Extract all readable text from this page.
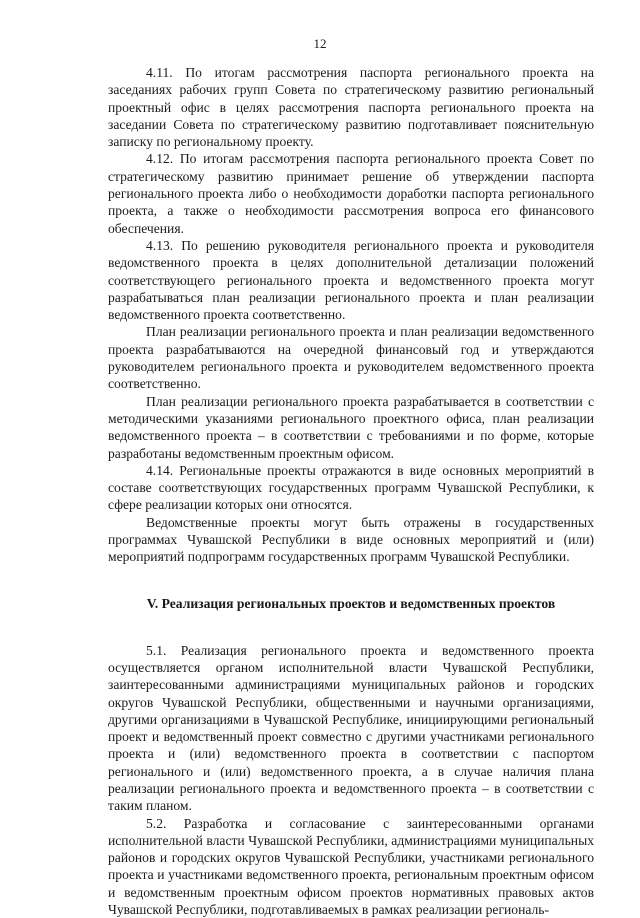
12

4.11. По итогам рассмотрения паспорта регионального проекта на заседаниях рабочих групп Совета по стратегическому развитию региональный проектный офис в целях рассмотрения паспорта регионального проекта на заседании Совета по стратегическому развитию подготавливает пояснительную записку по региональному проекту.

4.12. По итогам рассмотрения паспорта регионального проекта Совет по стратегическому развитию принимает решение об утверждении паспорта регионального проекта либо о необходимости доработки паспорта регионального проекта, а также о необходимости рассмотрения вопроса его финансового обеспечения.

4.13. По решению руководителя регионального проекта и руководителя ведомственного проекта в целях дополнительной детализации положений соответствующего регионального проекта и ведомственного проекта могут разрабатываться план реализации регионального проекта и план реализации ведомственного проекта соответственно.

План реализации регионального проекта и план реализации ведомственного проекта разрабатываются на очередной финансовый год и утверждаются руководителем регионального проекта и руководителем ведомственного проекта соответственно.

План реализации регионального проекта разрабатывается в соответствии с методическими указаниями регионального проектного офиса, план реализации ведомственного проекта – в соответствии с требованиями и по форме, которые разработаны ведомственным проектным офисом.

4.14. Региональные проекты отражаются в виде основных мероприятий в составе соответствующих государственных программ Чувашской Республики, к сфере реализации которых они относятся.

Ведомственные проекты могут быть отражены в государственных программах Чувашской Республики в виде основных мероприятий и (или) мероприятий подпрограмм государственных программ Чувашской Республики.

V. Реализация региональных проектов и ведомственных проектов

5.1. Реализация регионального проекта и ведомственного проекта осуществляется органом исполнительной власти Чувашской Республики, заинтересованными администрациями муниципальных районов и городских округов Чувашской Республики, общественными и научными организациями, другими организациями в Чувашской Республике, инициирующими региональный проект и ведомственный проект совместно с другими участниками регионального проекта и (или) ведомственного проекта в соответствии с паспортом регионального и (или) ведомственного проекта, а в случае наличия плана реализации регионального проекта и ведомственного проекта – в соответствии с таким планом.

5.2. Разработка и согласование с заинтересованными органами исполнительной власти Чувашской Республики, администрациями муниципальных районов и городских округов Чувашской Республики, участниками регионального проекта и участниками ведомственного проекта, региональным проектным офисом и ведомственным проектным офисом проектов нормативных правовых актов Чувашской Республики, подготавливаемых в рамках реализации региональ-
